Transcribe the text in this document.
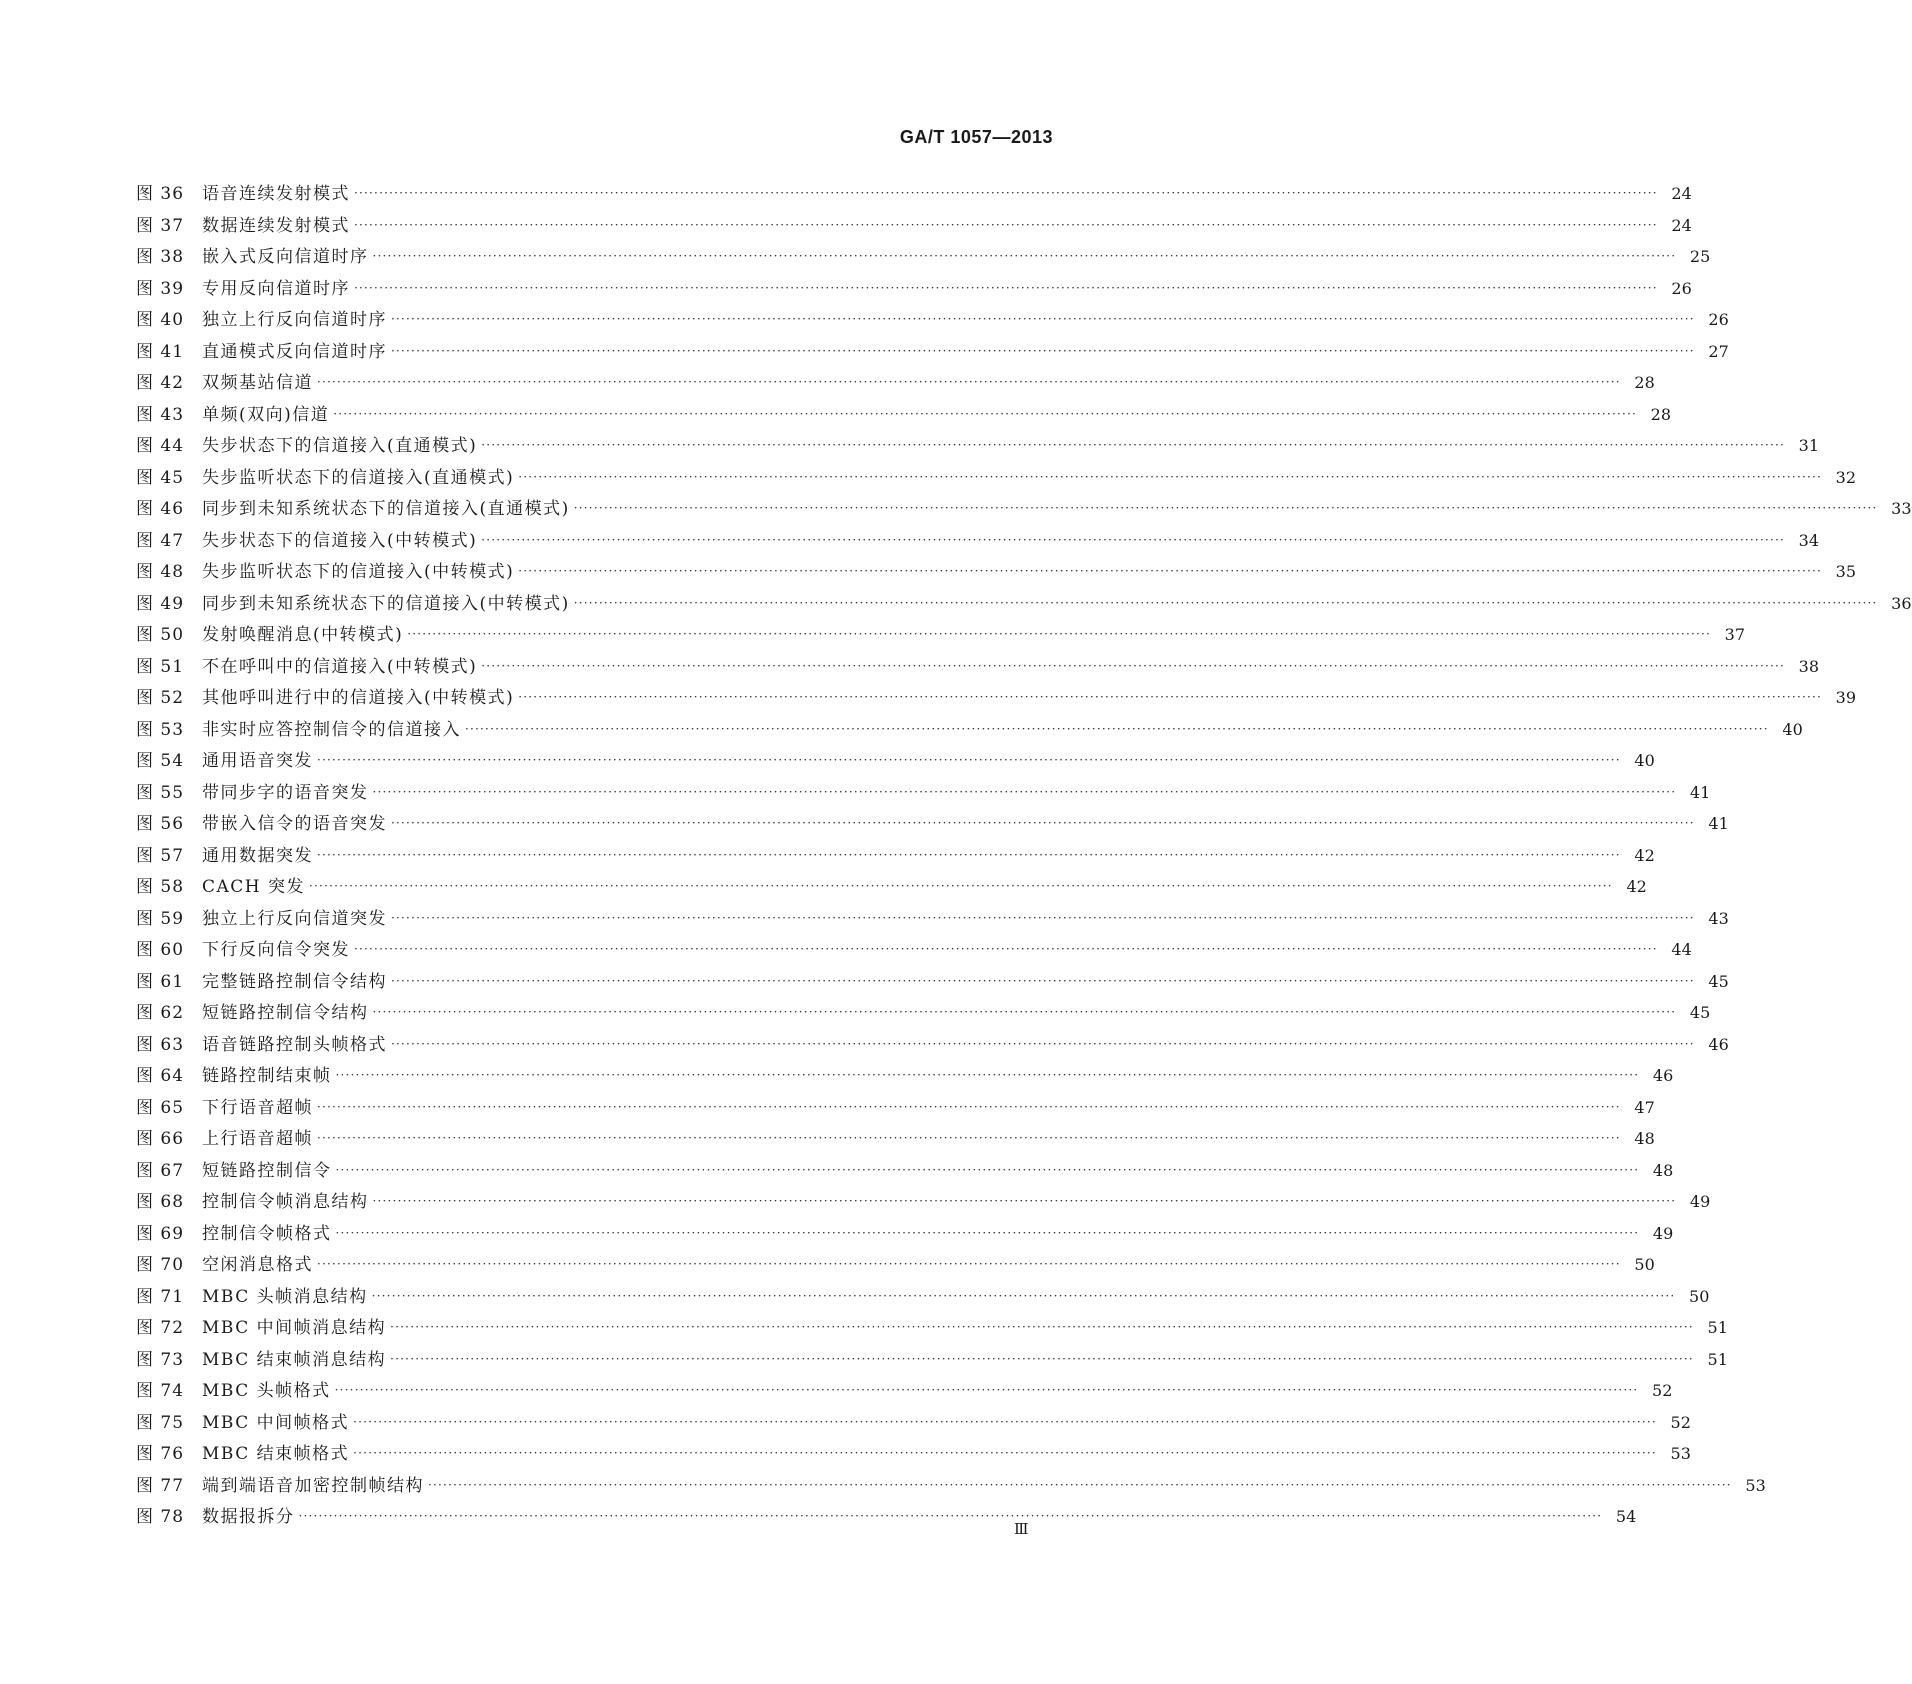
GA/T 1057—2013
图 36	语音连续发射模式 ···································································································································································································································································· 24
图 37	数据连续发射模式 ···································································································································································································································································· 24
图 38	嵌入式反向信道时序 ···································································································································································································································································· 25
图 39	专用反向信道时序 ···································································································································································································································································· 26
图 40	独立上行反向信道时序 ···································································································································································································································································· 26
图 41	直通模式反向信道时序 ···································································································································································································································································· 27
图 42	双频基站信道 ···································································································································································································································································· 28
图 43	单频(双向)信道 ···································································································································································································································································· 28
图 44	失步状态下的信道接入(直通模式) ···································································································································································································································································· 31
图 45	失步监听状态下的信道接入(直通模式) ···································································································································································································································································· 32
图 46	同步到未知系统状态下的信道接入(直通模式) ···································································································································································································································································· 33
图 47	失步状态下的信道接入(中转模式) ···································································································································································································································································· 34
图 48	失步监听状态下的信道接入(中转模式) ···································································································································································································································································· 35
图 49	同步到未知系统状态下的信道接入(中转模式) ···································································································································································································································································· 36
图 50	发射唤醒消息(中转模式) ···································································································································································································································································· 37
图 51	不在呼叫中的信道接入(中转模式) ···································································································································································································································································· 38
图 52	其他呼叫进行中的信道接入(中转模式) ···································································································································································································································································· 39
图 53	非实时应答控制信令的信道接入 ···································································································································································································································································· 40
图 54	通用语音突发 ···································································································································································································································································· 40
图 55	带同步字的语音突发 ···································································································································································································································································· 41
图 56	带嵌入信令的语音突发 ···································································································································································································································································· 41
图 57	通用数据突发 ···································································································································································································································································· 42
图 58	CACH 突发 ···································································································································································································································································· 42
图 59	独立上行反向信道突发 ···································································································································································································································································· 43
图 60	下行反向信令突发 ···································································································································································································································································· 44
图 61	完整链路控制信令结构 ···································································································································································································································································· 45
图 62	短链路控制信令结构 ···································································································································································································································································· 45
图 63	语音链路控制头帧格式 ···································································································································································································································································· 46
图 64	链路控制结束帧 ···································································································································································································································································· 46
图 65	下行语音超帧 ···································································································································································································································································· 47
图 66	上行语音超帧 ···································································································································································································································································· 48
图 67	短链路控制信令 ···································································································································································································································································· 48
图 68	控制信令帧消息结构 ···································································································································································································································································· 49
图 69	控制信令帧格式 ···································································································································································································································································· 49
图 70	空闲消息格式 ···································································································································································································································································· 50
图 71	MBC 头帧消息结构 ···································································································································································································································································· 50
图 72	MBC 中间帧消息结构 ···································································································································································································································································· 51
图 73	MBC 结束帧消息结构 ···································································································································································································································································· 51
图 74	MBC 头帧格式 ···································································································································································································································································· 52
图 75	MBC 中间帧格式 ···································································································································································································································································· 52
图 76	MBC 结束帧格式 ···································································································································································································································································· 53
图 77	端到端语音加密控制帧结构 ···································································································································································································································································· 53
图 78	数据报拆分 ···································································································································································································································································· 54
Ⅲ
